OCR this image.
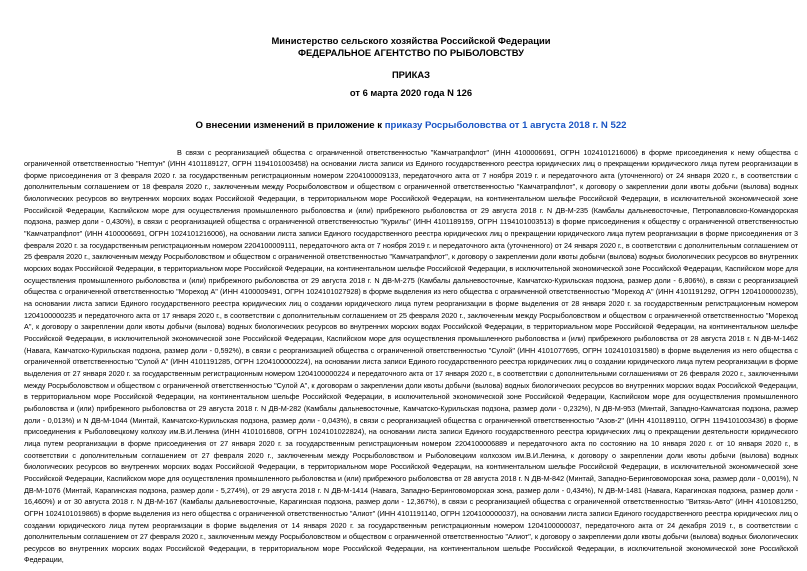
Министерство сельского хозяйства Российской Федерации

ФЕДЕРАЛЬНОЕ АГЕНТСТВО ПО РЫБОЛОВСТВУ

ПРИКАЗ

от 6 марта 2020 года N 126

О внесении изменений в приложение к приказу Росрыболовства от 1 августа 2018 г. N 522

В связи с реорганизацией общества с ограниченной ответственностью "Камчатрапфлот" (ИНН 4100006691, ОГРН 1024101216006) в форме присоединения к нему общества с ограниченной ответственностью "Нептун" (ИНН 4101189127, ОГРН 1194101003458) на основании листа записи из Единого государственного реестра юридических лиц о прекращении юридического лица путем реорганизации в форме присоединения от 3 февраля 2020 г. за государственным регистрационным номером 2204100009133, передаточного акта от 7 ноября 2019 г. и передаточного акта (уточненного) от 24 января 2020 г., в соответствии с дополнительным соглашением от 18 февраля 2020 г., заключенным между Росрыболовством и обществом с ограниченной ответственностью "Камчатрапфлот", к договору о закреплении доли квоты добычи (вылова) водных биологических ресурсов во внутренних морских водах Российской Федерации, в территориальном море Российской Федерации, на континентальном шельфе Российской Федерации, в исключительной экономической зоне Российской Федерации, Каспийском море для осуществления промышленного рыболовства и (или) прибрежного рыболовства от 29 августа 2018 г. N ДВ-М-235 (Камбалы дальневосточные, Петропавловско-Командорская подзона, размер доли - 0,430%), в связи с реорганизацией общества с ограниченной ответственностью "Курилы" (ИНН 4101189159, ОГРН 1194101003513) в форме присоединения к обществу с ограниченной ответственностью "Камчатрапфлот" (ИНН 4100006691, ОГРН 1024101216006), на основании листа записи Единого государственного реестра юридических лиц о прекращении юридического лица путем реорганизации в форме присоединения от 3 февраля 2020 г. за государственным регистрационным номером 2204100009111, передаточного акта от 7 ноября 2019 г. и передаточного акта (уточненного) от 24 января 2020 г., в соответствии с дополнительным соглашением от 25 февраля 2020 г., заключенным между Росрыболовством и обществом с ограниченной ответственностью "Камчатрапфлот", к договору о закреплении доли квоты добычи (вылова) водных биологических ресурсов во внутренних морских водах Российской Федерации, в территориальном море Российской Федерации, на континентальном шельфе Российской Федерации, в исключительной экономической зоне Российской Федерации, Каспийском море для осуществления промышленного рыболовства и (или) прибрежного рыболовства от 29 августа 2018 г. N ДВ-М-275 (Камбалы дальневосточные, Камчатско-Курильская подзона, размер доли - 6,806%), в связи с реорганизацией общества с ограниченной ответственностью "Мореход А" (ИНН 4100009491, ОГРН 1024101027928) в форме выделения из него общества с ограниченной ответственностью "Мореход А" (ИНН 4101191292, ОГРН 1204100000235), на основании листа записи Единого государственного реестра юридических лиц о создании юридического лица путем реорганизации в форме выделения от 28 января 2020 г. за государственным регистрационным номером 1204100000235 и передаточного акта от 17 января 2020 г., в соответствии с дополнительным соглашением от 25 февраля 2020 г., заключенным между Росрыболовством и обществом с ограниченной ответственностью "Мореход А", к договору о закреплении доли квоты добычи (вылова) водных биологических ресурсов во внутренних морских водах Российской Федерации, в территориальном море Российской Федерации, на континентальном шельфе Российской Федерации, в исключительной экономической зоне Российской Федерации, Каспийском море для осуществления промышленного рыболовства и (или) прибрежного рыболовства от 28 августа 2018 г. N ДВ-М-1462 (Навага, Камчатско-Курильская подзона, размер доли - 0,592%), в связи с реорганизацией общества с ограниченной ответственностью "Сулой" (ИНН 4101077695, ОГРН 1024101031580) в форме выделения из него общества с ограниченной ответственностью "Сулой А" (ИНН 4101191285, ОГРН 1204100000224), на основании листа записи Единого государственного реестра юридических лиц о создании юридического лица путем реорганизации в форме выделения от 27 января 2020 г. за государственным регистрационным номером 1204100000224 и передаточного акта от 17 января 2020 г., в соответствии с дополнительными соглашениями от 26 февраля 2020 г., заключенными между Росрыболовством и обществом с ограниченной ответственностью "Сулой А", к договорам о закреплении доли квоты добычи (вылова) водных биологических ресурсов во внутренних морских водах Российской Федерации, в территориальном море Российской Федерации, на континентальном шельфе Российской Федерации, в исключительной экономической зоне Российской Федерации, Каспийском море для осуществления промышленного рыболовства и (или) прибрежного рыболовства от 29 августа 2018 г. N ДВ-М-282 (Камбалы дальневосточные, Камчатско-Курильская подзона, размер доли - 0,232%), N ДВ-М-953 (Минтай, Западно-Камчатская подзона, размер доли - 0,013%) и N ДВ-М-1044 (Минтай, Камчатско-Курильская подзона, размер доли - 0,043%), в связи с реорганизацией общества с ограниченной ответственностью "Азов-2" (ИНН 4101189110, ОГРН 1194101003436) в форме присоединения к Рыболовецкому колхозу им.В.И.Ленина (ИНН 4101016808, ОГРН 1024101022824), на основании листа записи Единого государственного реестра юридических лиц о прекращении деятельности юридического лица путем реорганизации в форме присоединения от 27 января 2020 г. за государственным регистрационным номером 2204100006889 и передаточного акта по состоянию на 10 января 2020 г. от 10 января 2020 г., в соответствии с дополнительным соглашением от 27 февраля 2020 г., заключенным между Росрыболовством и Рыболовецким колхозом им.В.И.Ленина, к договору о закреплении доли квоты добычи (вылова) водных биологических ресурсов во внутренних морских водах Российской Федерации, в территориальном море Российской Федерации, на континентальном шельфе Российской Федерации, в исключительной экономической зоне Российской Федерации, Каспийском море для осуществления промышленного рыболовства и (или) прибрежного рыболовства от 28 августа 2018 г. N ДВ-М-842 (Минтай, Западно-Беринговоморская зона, размер доли - 0,001%), N ДВ-М-1076 (Минтай, Карагинская подзона, размер доли - 5,274%), от 29 августа 2018 г. N ДВ-М-1414 (Навага, Западно-Беринговоморская зона, размер доли - 0,434%), N ДВ-М-1481 (Навага, Карагинская подзона, размер доли - 16,460%) и от 30 августа 2018 г. N ДВ-М-167 (Камбалы дальневосточные, Карагинская подзона, размер доли - 12,367%), в связи с реорганизацией общества с ограниченной ответственностью "Витязь-Авто" (ИНН 4101081250, ОГРН 1024101019865) в форме выделения из него общества с ограниченной ответственностью "Алиот" (ИНН 4101191140, ОГРН 1204100000037), на основании листа записи Единого государственного реестра юридических лиц о создании юридического лица путем реорганизации в форме выделения от 14 января 2020 г. за государственным регистрационным номером 1204100000037, передаточного акта от 24 декабря 2019 г., в соответствии с дополнительным соглашением от 27 февраля 2020 г., заключенным между Росрыболовством и обществом с ограниченной ответственностью "Алиот", к договору о закреплении доли квоты добычи (вылова) водных биологических ресурсов во внутренних морских водах Российской Федерации, в территориальном море Российской Федерации, на континентальном шельфе Российской Федерации, в исключительной экономической зоне Российской Федерации,
